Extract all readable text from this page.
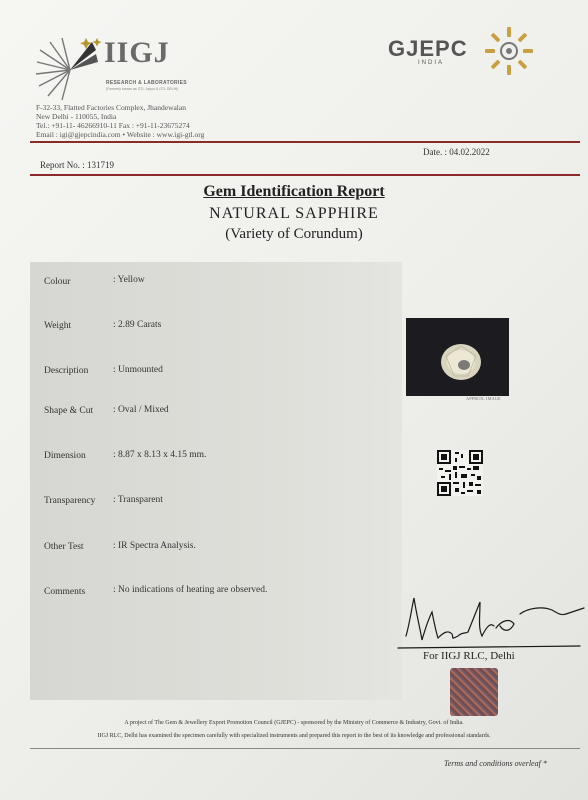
IIGJ
RESEARCH & LABORATORIES
(Formerly known as GTL Jaipur & GTL DELHI)
F-32-33, Flatted Factories Complex, Jhandewalan
New Delhi - 110055, India
Tel.: +91-11- 46266910-11 Fax : +91-11-23675274
Email : igi@gjepcindia.com • Website : www.igi-gtl.org
GJEPC
INDIA
Date. : 04.02.2022
Report No. : 131719
Gem Identification Report
NATURAL SAPPHIRE
(Variety of Corundum)
Colour	: Yellow
Weight	: 2.89 Carats
Description	: Unmounted
Shape & Cut : Oval / Mixed
Dimension	: 8.87 x 8.13 x 4.15 mm.
Transparency : Transparent
Other Test	: IR Spectra Analysis.
Comments	: No indications of heating are observed.
APPROX. IMAGE
For IIGJ RLC, Delhi
A project of The Gem & Jewellery Export Promotion Council (GJEPC) - sponsored by the Ministry of Commerce & Industry, Govt. of India.
IIGJ RLC, Delhi has examined the specimen carefully with specialized instruments and prepared this report to the best of its knowledge and professional standards.
Terms and conditions overleaf *
